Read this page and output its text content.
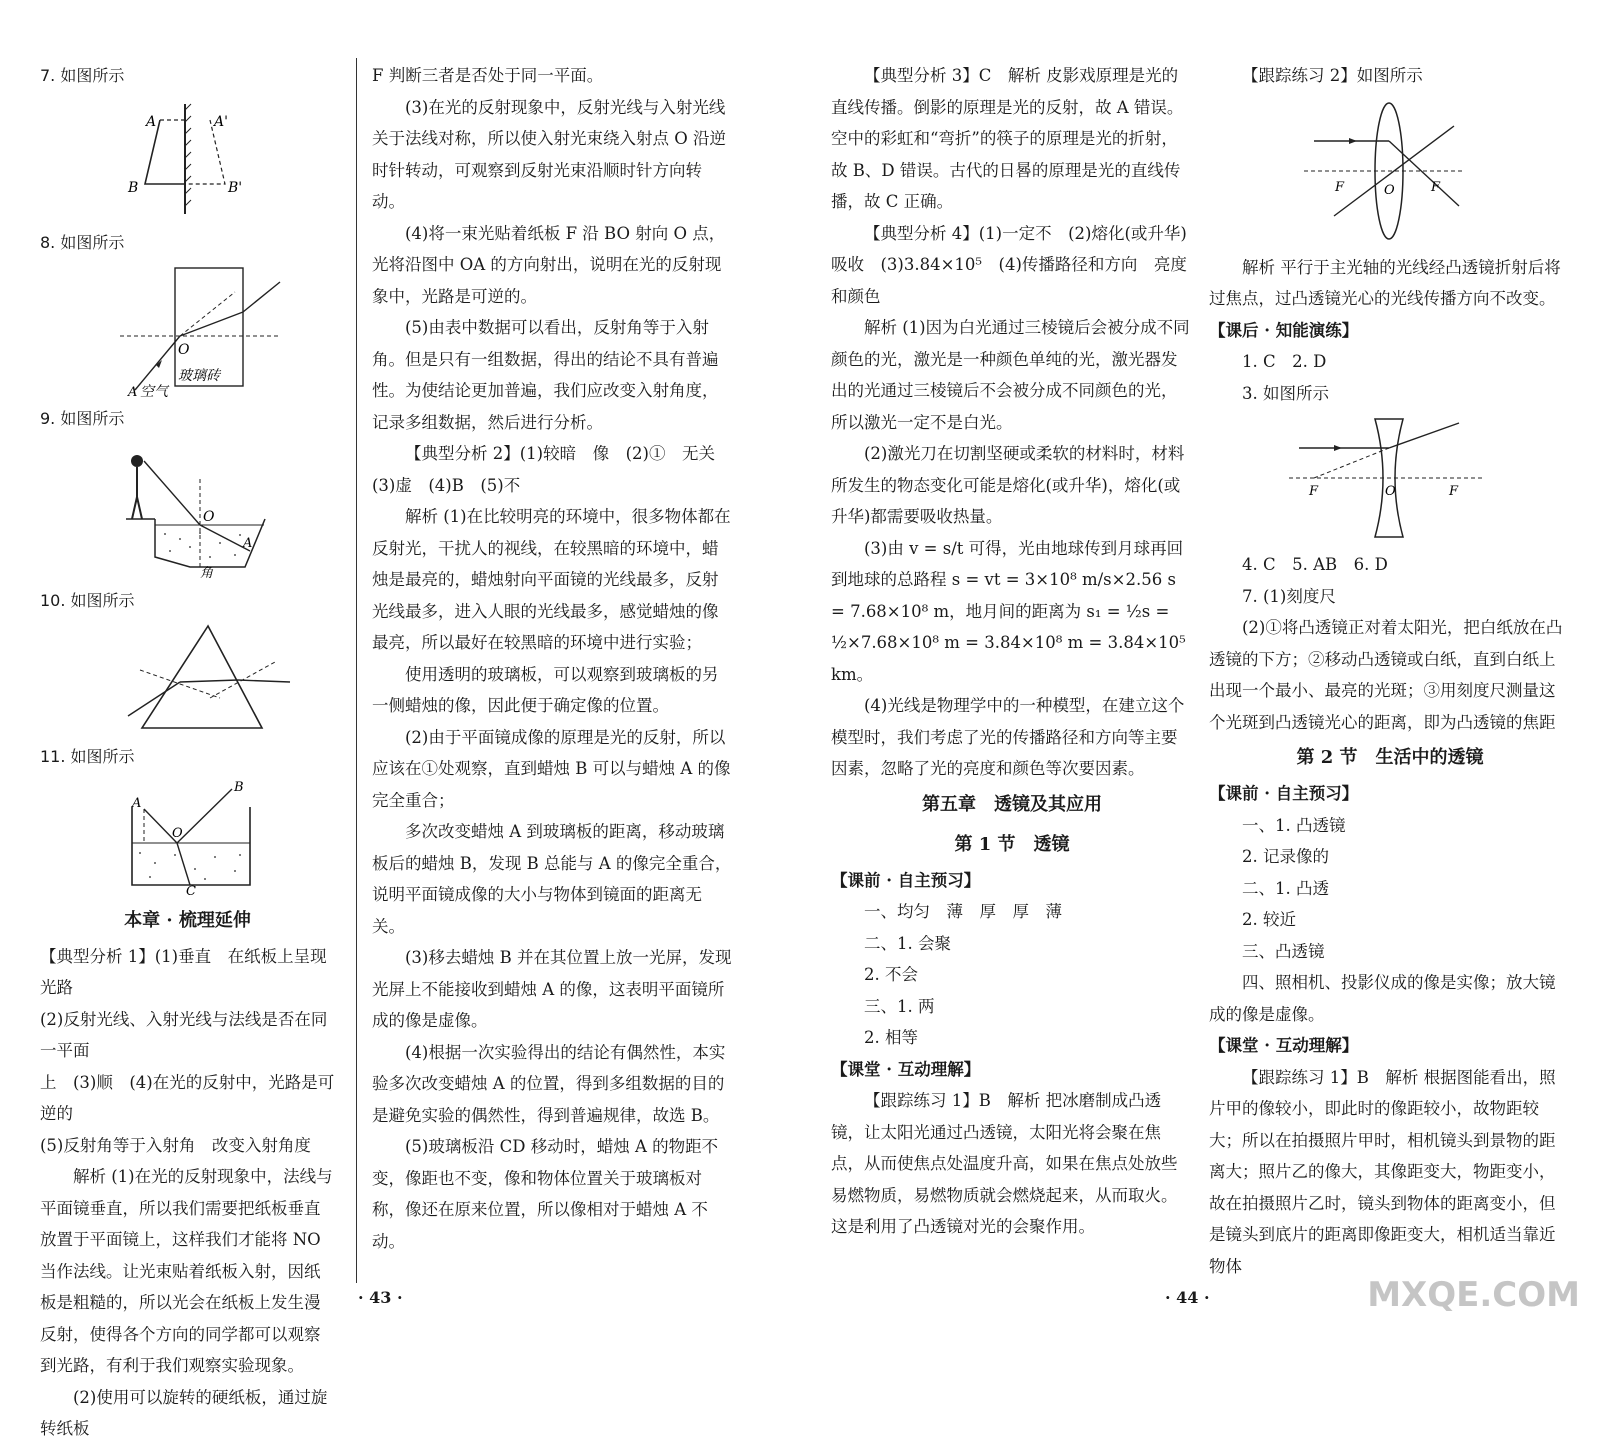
7. 如图所示

A	A'
B	B'

8. 如图所示

O
A
玻璃砖
空气

9. 如图所示

O
A
角

10. 如图所示

11. 如图所示

A
B
O
C

本章 · 梳理延伸

【典型分析 1】(1)垂直　在纸板上呈现光路

(2)反射光线、入射光线与法线是否在同一平面

上　(3)顺　(4)在光的反射中，光路是可逆的

(5)反射角等于入射角　改变入射角度

解析 (1)在光的反射现象中，法线与平面镜垂直，所以我们需要把纸板垂直放置于平面镜上，这样我们才能将 NO 当作法线。让光束贴着纸板入射，因纸板是粗糙的，所以光会在纸板上发生漫反射，使得各个方向的同学都可以观察到光路，有利于我们观察实验现象。

(2)使用可以旋转的硬纸板，通过旋转纸板

F 判断三者是否处于同一平面。

(3)在光的反射现象中，反射光线与入射光线关于法线对称，所以使入射光束绕入射点 O 沿逆时针转动，可观察到反射光束沿顺时针方向转动。

(4)将一束光贴着纸板 F 沿 BO 射向 O 点，光将沿图中 OA 的方向射出，说明在光的反射现象中，光路是可逆的。

(5)由表中数据可以看出，反射角等于入射角。但是只有一组数据，得出的结论不具有普遍性。为使结论更加普遍，我们应改变入射角度，记录多组数据，然后进行分析。

【典型分析 2】(1)较暗　像　(2)①　无关

(3)虚　(4)B　(5)不

解析 (1)在比较明亮的环境中，很多物体都在反射光，干扰人的视线，在较黑暗的环境中，蜡烛是最亮的，蜡烛射向平面镜的光线最多，反射光线最多，进入人眼的光线最多，感觉蜡烛的像最亮，所以最好在较黑暗的环境中进行实验；

使用透明的玻璃板，可以观察到玻璃板的另一侧蜡烛的像，因此便于确定像的位置。

(2)由于平面镜成像的原理是光的反射，所以应该在①处观察，直到蜡烛 B 可以与蜡烛 A 的像完全重合；

多次改变蜡烛 A 到玻璃板的距离，移动玻璃板后的蜡烛 B，发现 B 总能与 A 的像完全重合，说明平面镜成像的大小与物体到镜面的距离无关。

(3)移去蜡烛 B 并在其位置上放一光屏，发现光屏上不能接收到蜡烛 A 的像，这表明平面镜所成的像是虚像。

(4)根据一次实验得出的结论有偶然性，本实验多次改变蜡烛 A 的位置，得到多组数据的目的是避免实验的偶然性，得到普遍规律，故选 B。

(5)玻璃板沿 CD 移动时，蜡烛 A 的物距不变，像距也不变，像和物体位置关于玻璃板对称，像还在原来位置，所以像相对于蜡烛 A 不动。

· 43 ·

【典型分析 3】C　解析 皮影戏原理是光的直线传播。倒影的原理是光的反射，故 A 错误。空中的彩虹和“弯折”的筷子的原理是光的折射，故 B、D 错误。古代的日晷的原理是光的直线传播，故 C 正确。

【典型分析 4】(1)一定不　(2)熔化(或升华)　吸收　(3)3.84×10⁵　(4)传播路径和方向　亮度和颜色

解析 (1)因为白光通过三棱镜后会被分成不同颜色的光，激光是一种颜色单纯的光，激光器发出的光通过三棱镜后不会被分成不同颜色的光，所以激光一定不是白光。

(2)激光刀在切割坚硬或柔软的材料时，材料所发生的物态变化可能是熔化(或升华)，熔化(或升华)都需要吸收热量。

(3)由 v = s/t 可得，光由地球传到月球再回到地球的总路程 s = vt = 3×10⁸ m/s×2.56 s = 7.68×10⁸ m，地月间的距离为 s₁ = ½s = ½×7.68×10⁸ m = 3.84×10⁸ m = 3.84×10⁵ km。

(4)光线是物理学中的一种模型，在建立这个模型时，我们考虑了光的传播路径和方向等主要因素，忽略了光的亮度和颜色等次要因素。

第五章　透镜及其应用

第 1 节　透镜

【课前 · 自主预习】

一、均匀　薄　厚　厚　薄

二、1. 会聚

2. 不会

三、1. 两

2. 相等

【课堂 · 互动理解】

【跟踪练习 1】B　解析 把冰磨制成凸透镜，让太阳光通过凸透镜，太阳光将会聚在焦点，从而使焦点处温度升高，如果在焦点处放些易燃物质，易燃物质就会燃烧起来，从而取火。这是利用了凸透镜对光的会聚作用。

【跟踪练习 2】如图所示

F	O	F

解析 平行于主光轴的光线经凸透镜折射后将过焦点，过凸透镜光心的光线传播方向不改变。

【课后 · 知能演练】

1. C　2. D

3. 如图所示

F	O	F

4. C　5. AB　6. D

7. (1)刻度尺

(2)①将凸透镜正对着太阳光，把白纸放在凸透镜的下方；②移动凸透镜或白纸，直到白纸上出现一个最小、最亮的光斑；③用刻度尺测量这个光斑到凸透镜光心的距离，即为凸透镜的焦距

第 2 节　生活中的透镜

【课前 · 自主预习】

一、1. 凸透镜

2. 记录像的

二、1. 凸透

2. 较近

三、凸透镜

四、照相机、投影仪成的像是实像；放大镜成的像是虚像。

【课堂 · 互动理解】

【跟踪练习 1】B　解析 根据图能看出，照片甲的像较小，即此时的像距较小，故物距较大；所以在拍摄照片甲时，相机镜头到景物的距离大；照片乙的像大，其像距变大，物距变小，故在拍摄照片乙时，镜头到物体的距离变小，但是镜头到底片的距离即像距变大，相机适当靠近物体

· 44 ·	MXQE.COM
